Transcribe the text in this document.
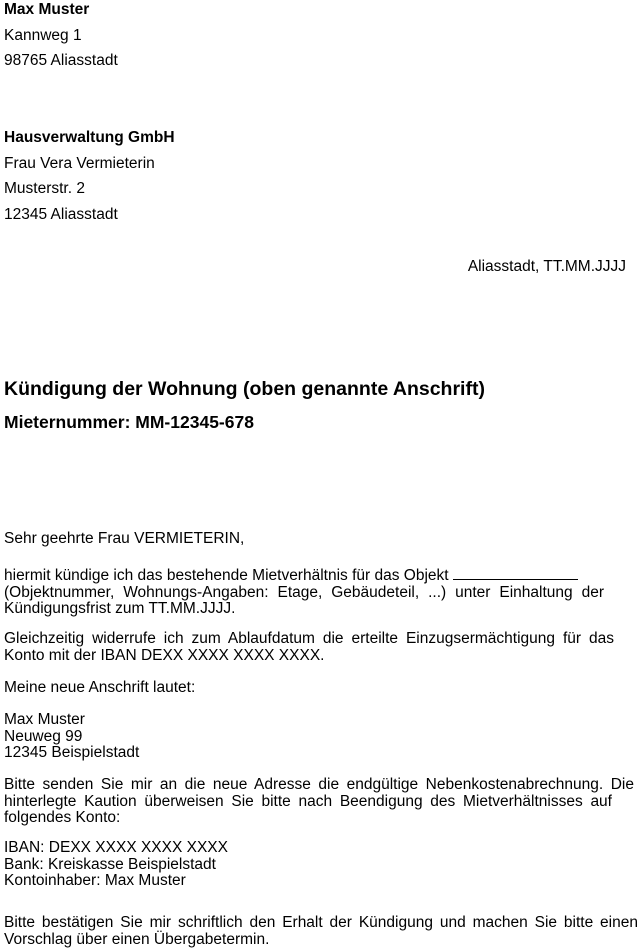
Max Muster
Kannweg 1
98765 Aliasstadt
Hausverwaltung GmbH
Frau Vera Vermieterin
Musterstr. 2
12345 Aliasstadt
Aliasstadt, TT.MM.JJJJ
Kündigung der Wohnung (oben genannte Anschrift)
Mieternummer: MM-12345-678
Sehr geehrte Frau VERMIETERIN,
hiermit kündige ich das bestehende Mietverhältnis für das Objekt
(Objektnummer, Wohnungs-Angaben: Etage, Gebäudeteil, ...) unter Einhaltung der
Kündigungsfrist zum TT.MM.JJJJ.
Gleichzeitig widerrufe ich zum Ablaufdatum die erteilte Einzugsermächtigung für das
Konto mit der IBAN DEXX XXXX XXXX XXXX.
Meine neue Anschrift lautet:
Max Muster
Neuweg 99
12345 Beispielstadt
Bitte senden Sie mir an die neue Adresse die endgültige Nebenkostenabrechnung. Die
hinterlegte Kaution überweisen Sie bitte nach Beendigung des Mietverhältnisses auf
folgendes Konto:
IBAN: DEXX XXXX XXXX XXXX
Bank: Kreiskasse Beispielstadt
Kontoinhaber: Max Muster
Bitte bestätigen Sie mir schriftlich den Erhalt der Kündigung und machen Sie bitte einen
Vorschlag über einen Übergabetermin.
